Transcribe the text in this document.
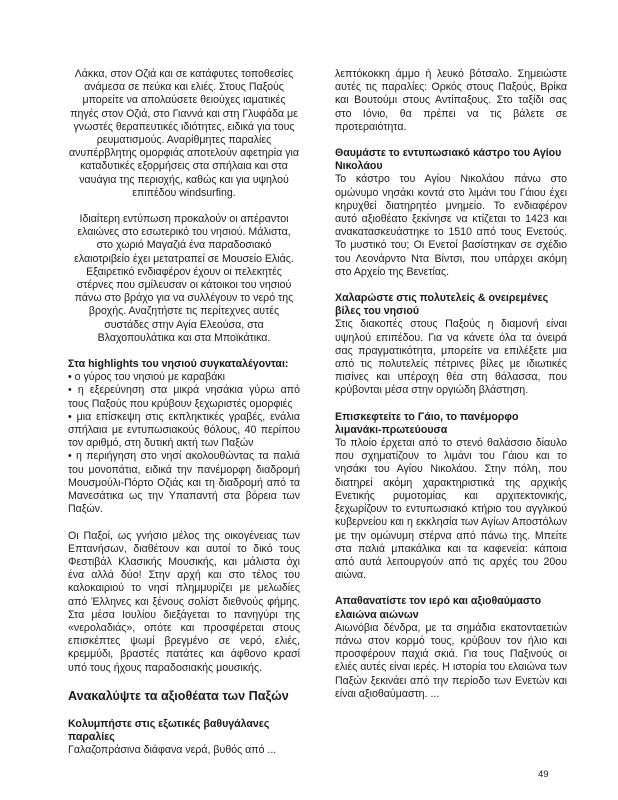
Λάκκα, στον Οζιά και σε κατάφυτες τοποθεσίες ανάμεσα σε πεύκα και ελιές. Στους Παξούς μπορείτε να απολαύσετε θειούχες ιαματικές πηγές στον Οζιά, στο Γιαννά και στη Γλυφάδα με γνωστές θεραπευτικές ιδιότητες, ειδικά για τους ρευματισμούς. Αναρίθμητες παραλίες ανυπέρβλητης ομορφιάς αποτελούν αφετηρία για καταδυτικές εξορμήσεις στα σπήλαια και στα ναυάγια της περιοχής, καθώς και για υψηλού επιπέδου windsurfing.

Ιδιαίτερη εντύπωση προκαλούν οι απέραντοι ελαιώνες στο εσωτερικό του νησιού. Μάλιστα, στο χωριό Μαγαζιά ένα παραδοσιακό ελαιοτριβείο έχει μετατραπεί σε Μουσείο Ελιάς. Εξαιρετικό ενδιαφέρον έχουν οι πελεκητές στέρνες που σμίλευσαν οι κάτοικοι του νησιού πάνω στο βράχο για να συλλέγουν το νερό της βροχής. Αναζητήστε τις περίτεχνες αυτές συστάδες στην Αγία Ελεούσα, στα Βλαχοπουλάτικα και στα Μποϊκάτικα.

Στα highlights του νησιού συγκαταλέγονται:

• ο γύρος του νησιού με καραβάκι

• η εξερεύνηση στα μικρά νησάκια γύρω από τους Παξούς που κρύβουν ξεχωριστές ομορφιές

• μια επίσκεψη στις εκπληκτικές γραβές, ενάλια σπήλαια με εντυπωσιακούς θόλους, 40 περίπου τον αριθμό, στη δυτική ακτή των Παξών

• η περιήγηση στο νησί ακολουθώντας τα παλιά του μονοπάτια, ειδικά την πανέμορφη διαδρομή Μουσμούλι-Πόρτο Οζιάς και τη διαδρομή από τα Μανεσάτικα ως την Υπαπαντή στα βόρεια των Παξών.

Οι Παξοί, ως γνήσιο μέλος της οικογένειας των Επτανήσων, διαθέτουν και αυτοί το δικό τους Φεστιβάλ Κλασικής Μουσικής, και μάλιστα όχι ένα αλλά δύο! Στην αρχή και στο τέλος του καλοκαιριού το νησί πλημμυρίζει με μελωδίες από Έλληνες και ξένους σολίστ διεθνούς φήμης. Στα μέσα Ιουλίου διεξάγεται το πανηγύρι της «νερολαδιάς», οπότε και προσφέρεται στους επισκέπτες ψωμί βρεγμένο σε νερό, ελιές, κρεμμύδι, βραστές πατάτες και άφθονο κρασί υπό τους ήχους παραδοσιακής μουσικής.

Ανακαλύψτε τα αξιοθέατα των Παξών

Κολυμπήστε στις εξωτικές βαθυγάλανες παραλίες

Γαλαζοπράσινα διάφανα νερά, βυθός από ...

λεπτόκοκκη άμμο ή λευκό βότσαλο. Σημειώστε αυτές τις παραλίες: Ορκός στους Παξούς, Βρίκα και Βουτούμι στους Αντίπαξους. Στο ταξίδι σας στο Ιόνιο, θα πρέπει να τις βάλετε σε προτεραιότητα.

Θαυμάστε το εντυπωσιακό κάστρο του Αγίου Νικολάου

Το κάστρο του Αγίου Νικολάου πάνω στο ομώνυμο νησάκι κοντά στο λιμάνι του Γάιου έχει κηρυχθεί διατηρητέο μνημείο. Το ενδιαφέρον αυτό αξιοθέατο ξεκίνησε να κτίζεται το 1423 και ανακατασκευάστηκε το 1510 από τους Ενετούς. Το μυστικό του; Οι Ενετοί βασίστηκαν σε σχέδιο του Λεονάρντο Ντα Βίντσι, που υπάρχει ακόμη στο Αρχείο της Βενετίας.

Χαλαρώστε στις πολυτελείς & ονειρεμένες βίλες του νησιού

Στις διακοπές στους Παξούς η διαμονή είναι υψηλού επιπέδου. Για να κάνετε όλα τα όνειρά σας πραγματικότητα, μπορείτε να επιλέξετε μια από τις πολυτελείς πέτρινες βίλες με ιδιωτικές πισίνες και υπέροχη θέα στη θάλασσα, που κρύβονται μέσα στην οργιώδη βλάστηση.

Επισκεφτείτε το Γάιο, το πανέμορφο λιμανάκι-πρωτεύουσα

Το πλοίο έρχεται από το στενό θαλάσσιο δίαυλο που σχηματίζουν το λιμάνι του Γάιου και το νησάκι του Αγίου Νικολάου. Στην πόλη, που διατηρεί ακόμη χαρακτηριστικά της αρχικής Ενετικής ρυμοτομίας και αρχιτεκτονικής, ξεχωρίζουν το εντυπωσιακό κτήριο του αγγλικού κυβερνείου και η εκκλησία των Αγίων Αποστόλων με την ομώνυμη στέρνα από πάνω της. Μπείτε στα παλιά μπακάλικα και τα καφενεία: κάποια από αυτά λειτουργούν από τις αρχές του 20ου αιώνα.

Απαθανατίστε τον ιερό και αξιοθαύμαστο ελαιώνα αιώνων

Αιωνόβια δένδρα, με τα σημάδια εκατονταετιών πάνω στον κορμό τους, κρύβουν τον ήλιο και προσφέρουν παχιά σκιά. Για τους Παξινούς οι ελιές αυτές είναι ιερές. Η ιστορία του ελαιώνα των Παξών ξεκινάει από την περίοδο των Ενετών και είναι αξιοθαύμαστη. ...

49
